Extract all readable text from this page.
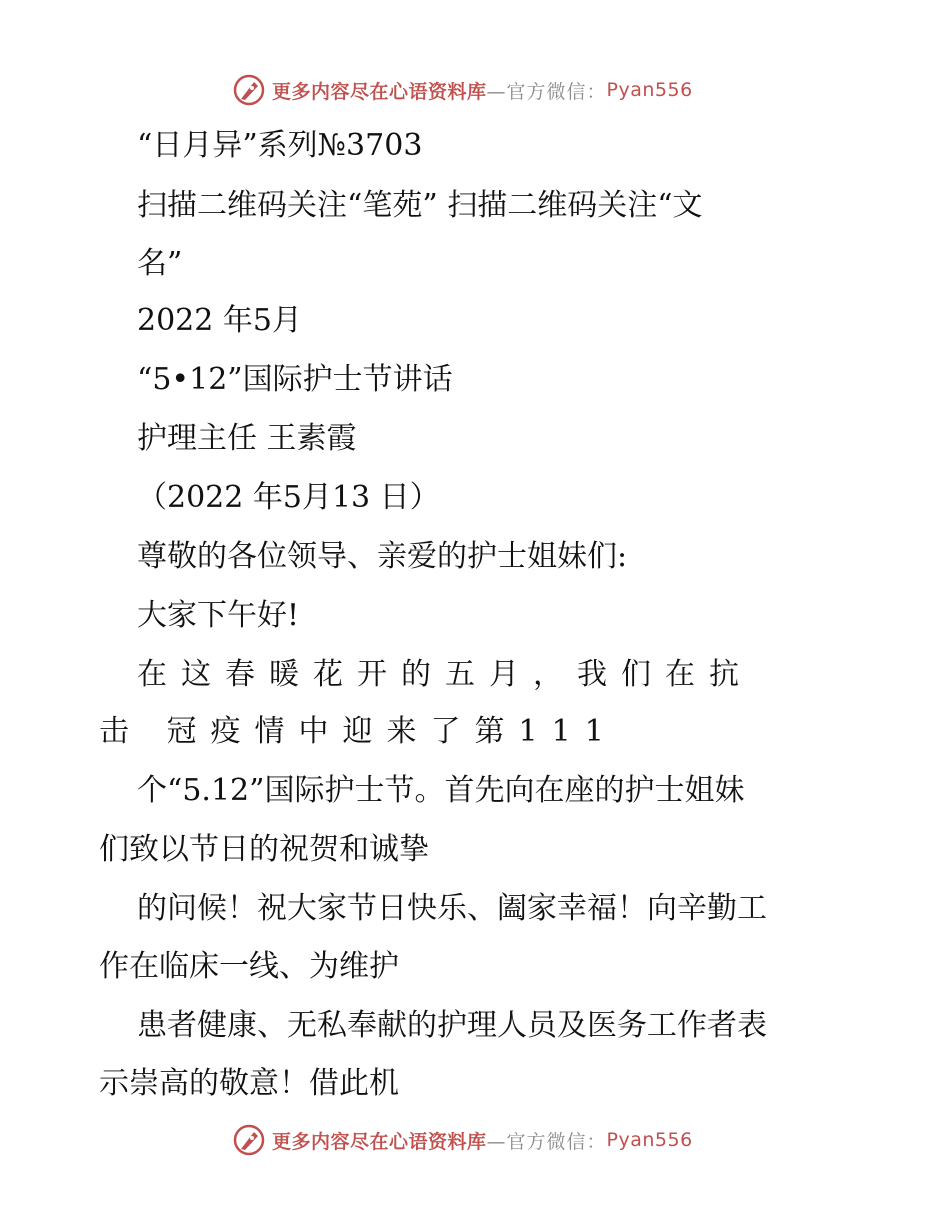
更多内容尽在心语资料库 —官方微信： Pyan556
“日月异”系列№3703
扫描二维码关注“笔苑” 扫描二维码关注“文
名”
2022 年5月
“5•12”国际护士节讲话
护理主任 王素霞
（2022 年5月13 日）
尊敬的各位领导、亲爱的护士姐妹们:
大家下午好!
在这春暖花开的五月，我们在抗
击 冠疫情中迎来了第111
个“5.12”国际护士节。首先向在座的护士姐妹
们致以节日的祝贺和诚挚
的问候！祝大家节日快乐、阖家幸福！向辛勤工
作在临床一线、为维护
患者健康、无私奉献的护理人员及医务工作者表
示崇高的敬意！借此机
更多内容尽在心语资料库 —官方微信： Pyan556
